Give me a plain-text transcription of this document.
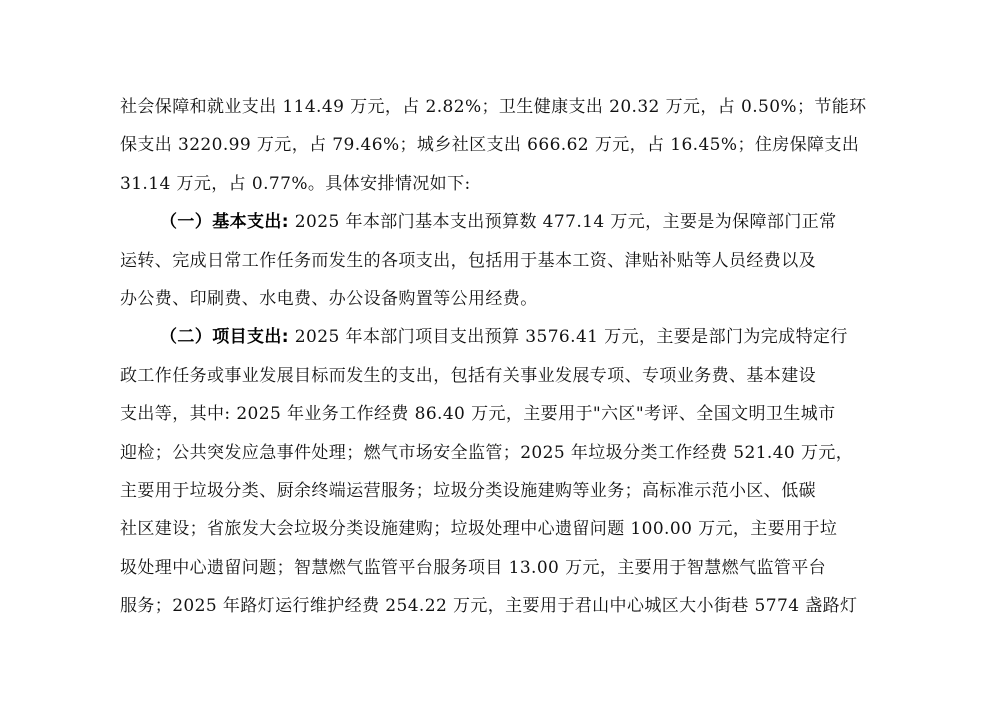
社会保障和就业支出 114.49 万元，占 2.82%；卫生健康支出 20.32 万元，占 0.50%；节能环
保支出 3220.99 万元，占 79.46%；城乡社区支出 666.62 万元，占 16.45%；住房保障支出
31.14 万元，占 0.77%。具体安排情况如下:
（一）基本支出: 2025 年本部门基本支出预算数 477.14 万元，主要是为保障部门正常
运转、完成日常工作任务而发生的各项支出，包括用于基本工资、津贴补贴等人员经费以及
办公费、印刷费、水电费、办公设备购置等公用经费。
（二）项目支出: 2025 年本部门项目支出预算 3576.41 万元，主要是部门为完成特定行
政工作任务或事业发展目标而发生的支出，包括有关事业发展专项、专项业务费、基本建设
支出等，其中: 2025 年业务工作经费 86.40 万元，主要用于"六区"考评、全国文明卫生城市
迎检；公共突发应急事件处理；燃气市场安全监管；2025 年垃圾分类工作经费 521.40 万元，
主要用于垃圾分类、厨余终端运营服务；垃圾分类设施建购等业务；高标准示范小区、低碳
社区建设；省旅发大会垃圾分类设施建购；垃圾处理中心遗留问题 100.00 万元，主要用于垃
圾处理中心遗留问题；智慧燃气监管平台服务项目 13.00 万元，主要用于智慧燃气监管平台
服务；2025 年路灯运行维护经费 254.22 万元，主要用于君山中心城区大小街巷 5774 盏路灯
